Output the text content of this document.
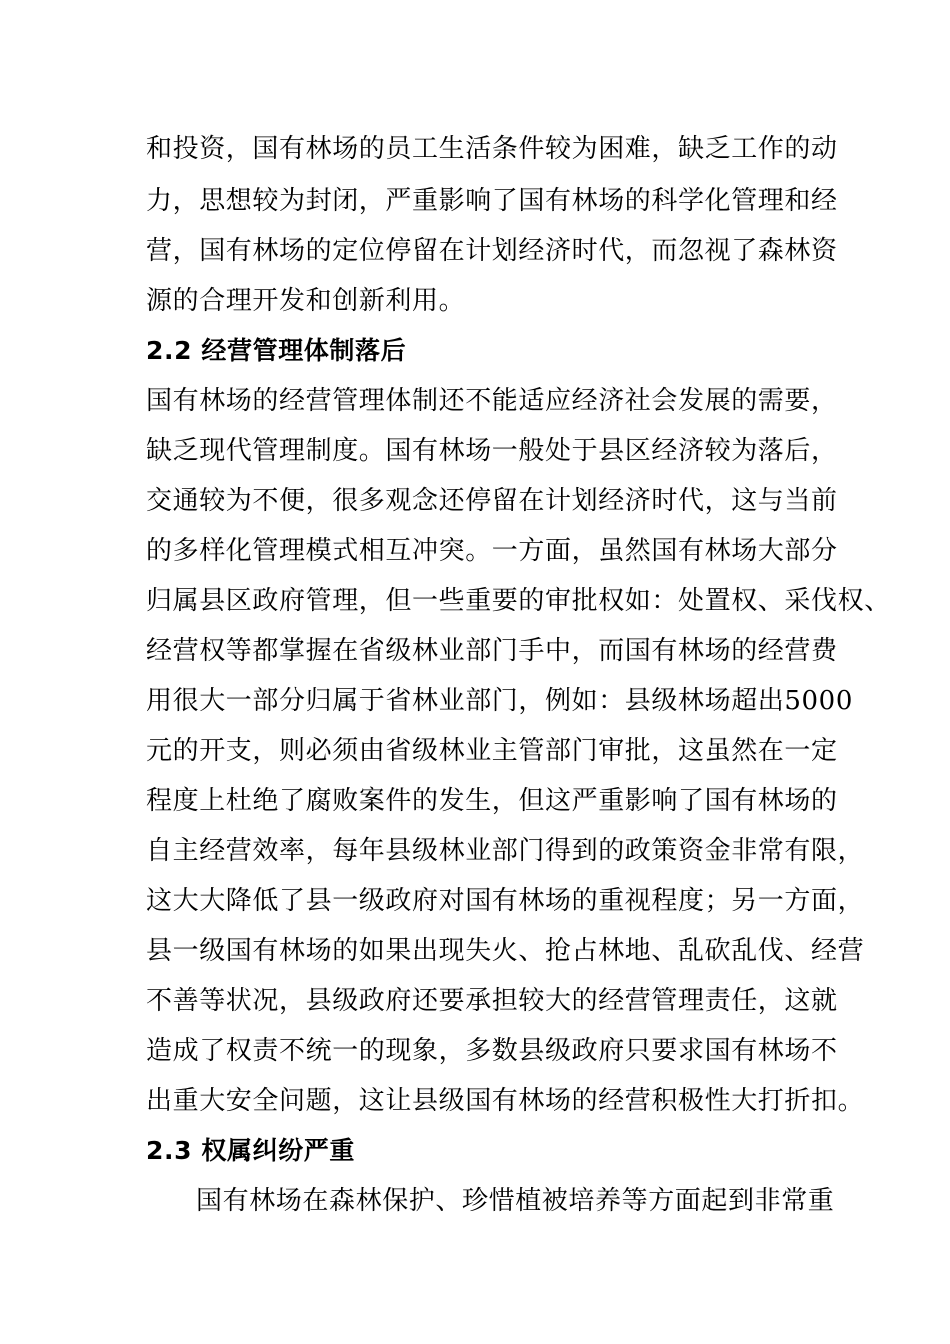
和投资，国有林场的员工生活条件较为困难，缺乏工作的动
力，思想较为封闭，严重影响了国有林场的科学化管理和经
营，国有林场的定位停留在计划经济时代，而忽视了森林资
源的合理开发和创新利用。
2.2 经营管理体制落后
国有林场的经营管理体制还不能适应经济社会发展的需要，
缺乏现代管理制度。国有林场一般处于县区经济较为落后，
交通较为不便，很多观念还停留在计划经济时代，这与当前
的多样化管理模式相互冲突。一方面，虽然国有林场大部分
归属县区政府管理，但一些重要的审批权如：处置权、采伐权、
经营权等都掌握在省级林业部门手中，而国有林场的经营费
用很大一部分归属于省林业部门，例如：县级林场超出5000
元的开支，则必须由省级林业主管部门审批，这虽然在一定
程度上杜绝了腐败案件的发生，但这严重影响了国有林场的
自主经营效率，每年县级林业部门得到的政策资金非常有限，
这大大降低了县一级政府对国有林场的重视程度；另一方面，
县一级国有林场的如果出现失火、抢占林地、乱砍乱伐、经营
不善等状况，县级政府还要承担较大的经营管理责任，这就
造成了权责不统一的现象，多数县级政府只要求国有林场不
出重大安全问题，这让县级国有林场的经营积极性大打折扣。
2.3 权属纠纷严重
国有林场在森林保护、珍惜植被培养等方面起到非常重
